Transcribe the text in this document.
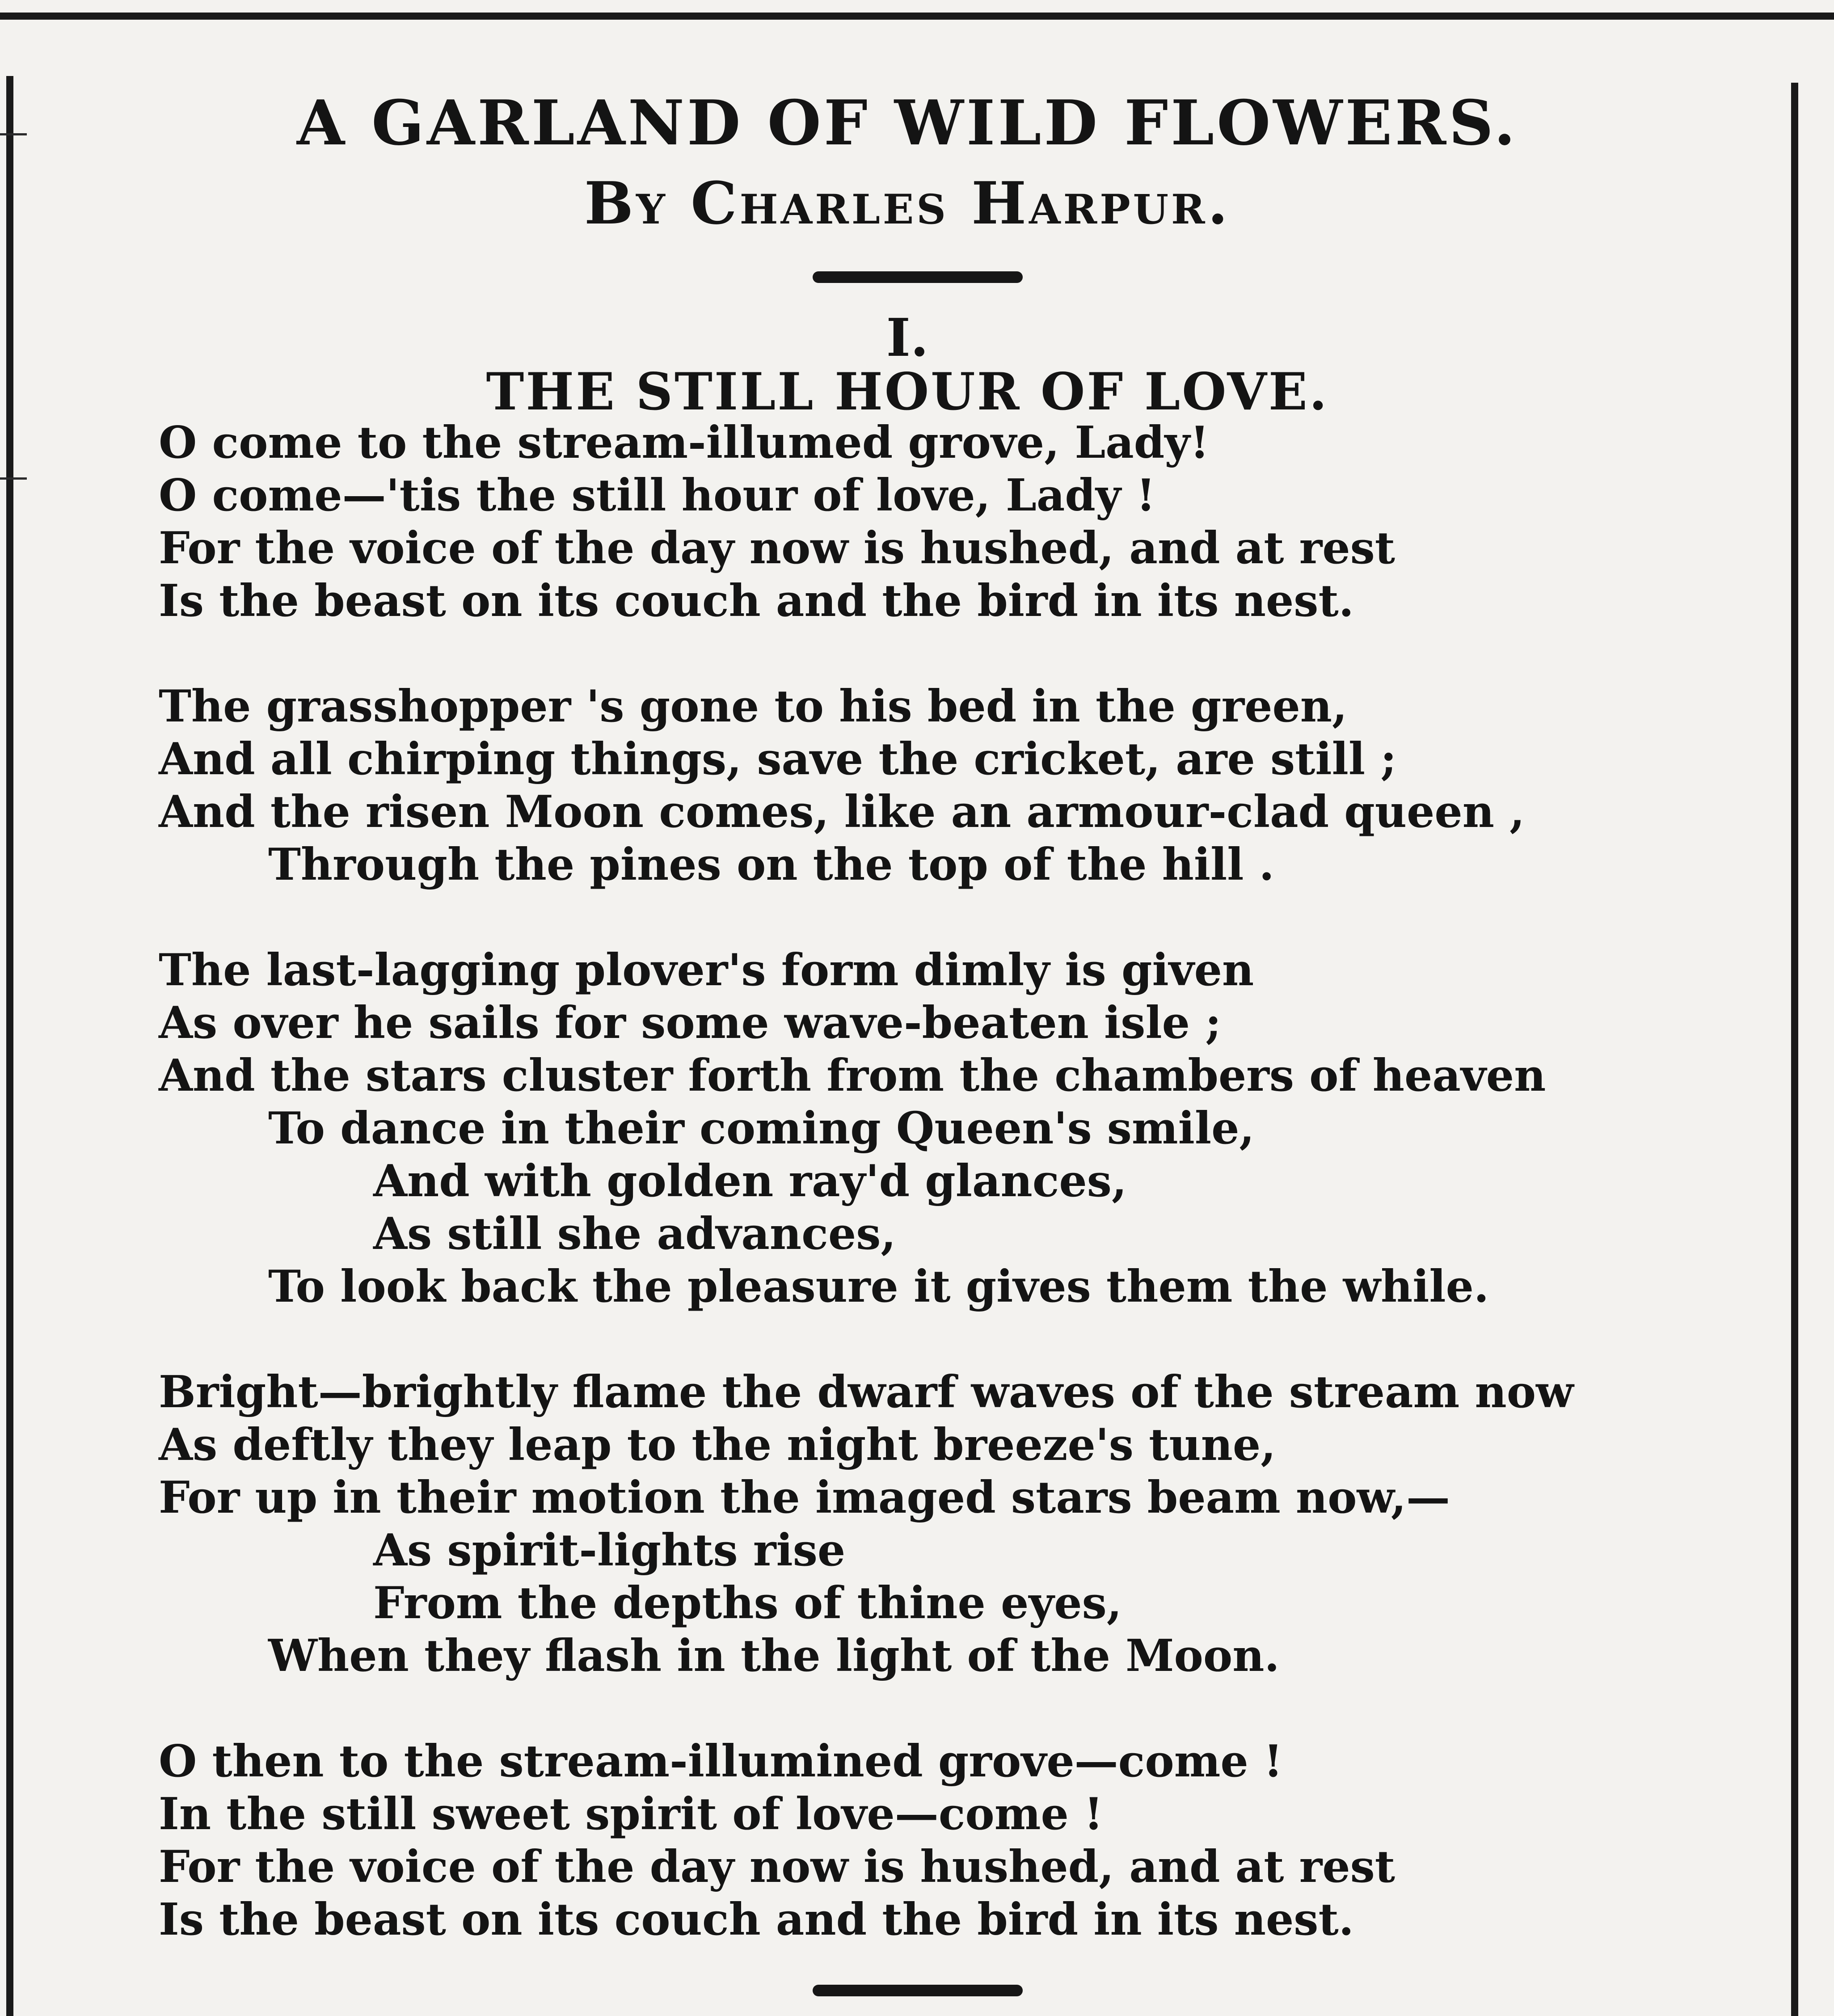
A GARLAND OF WILD FLOWERS.
By Charles Harpur.
I.
THE STILL HOUR OF LOVE.
O come to the stream-illumed grove, Lady!
O come—'tis the still hour of love, Lady !
For the voice of the day now is hushed, and at rest
Is the beast on its couch and the bird in its nest.
The grasshopper 's gone to his bed in the green,
And all chirping things, save the cricket, are still ;
And the risen Moon comes, like an armour-clad queen ,
Through the pines on the top of the hill .
The last-lagging plover's form dimly is given
As over he sails for some wave-beaten isle ;
And the stars cluster forth from the chambers of heaven
To dance in their coming Queen's smile,
And with golden ray'd glances,
As still she advances,
To look back the pleasure it gives them the while.
Bright—brightly flame the dwarf waves of the stream now
As deftly they leap to the night breeze's tune,
For up in their motion the imaged stars beam now,—
As spirit-lights rise
From the depths of thine eyes,
When they flash in the light of the Moon.
O then to the stream-illumined grove—come !
In the still sweet spirit of love—come !
For the voice of the day now is hushed, and at rest
Is the beast on its couch and the bird in its nest.
